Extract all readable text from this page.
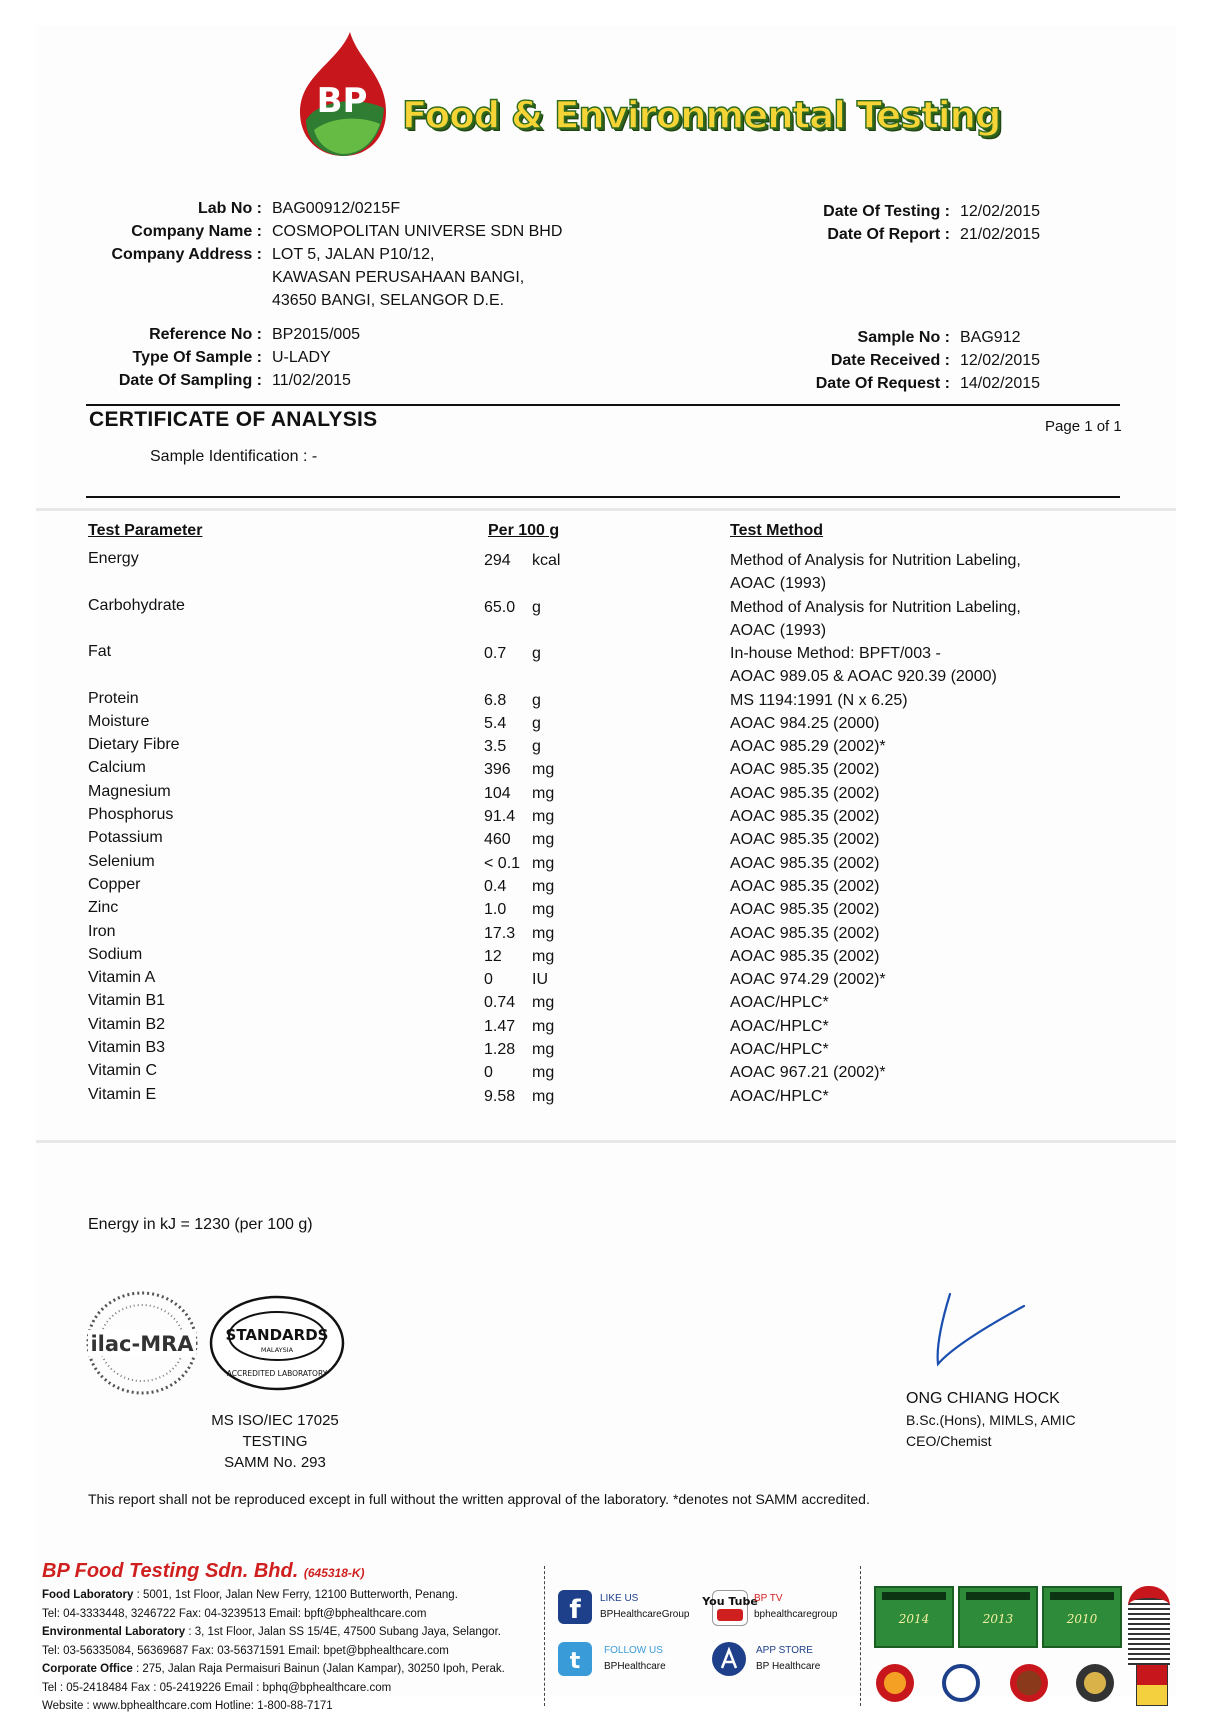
BP Food & Environmental Testing
Lab No : BAG00912/0215F
Company Name : COSMOPOLITAN UNIVERSE SDN BHD
Company Address : LOT 5, JALAN P10/12,
KAWASAN PERUSAHAAN BANGI,
43650 BANGI, SELANGOR D.E.
Reference No : BP2015/005
Type Of Sample : U-LADY
Date Of Sampling : 11/02/2015
Date Of Testing : 12/02/2015
Date Of Report : 21/02/2015
Sample No : BAG912
Date Received : 12/02/2015
Date Of Request : 14/02/2015
CERTIFICATE OF ANALYSIS	Page 1 of 1
Sample Identification : -
Test Parameter	Per 100 g	Test Method
Energy	294 kcal	Method of Analysis for Nutrition Labeling,
AOAC (1993)
Carbohydrate	65.0 g	Method of Analysis for Nutrition Labeling,
AOAC (1993)
Fat	0.7 g	In-house Method: BPFT/003 -
AOAC 989.05 & AOAC 920.39 (2000)
Protein	6.8 g	MS 1194:1991 (N x 6.25)
Moisture	5.4 g	AOAC 984.25 (2000)
Dietary Fibre	3.5 g	AOAC 985.29 (2002)*
Calcium	396 mg	AOAC 985.35 (2002)
Magnesium	104 mg	AOAC 985.35 (2002)
Phosphorus	91.4 mg	AOAC 985.35 (2002)
Potassium	460 mg	AOAC 985.35 (2002)
Selenium	< 0.1 mg	AOAC 985.35 (2002)
Copper	0.4 mg	AOAC 985.35 (2002)
Zinc	1.0 mg	AOAC 985.35 (2002)
Iron	17.3 mg	AOAC 985.35 (2002)
Sodium	12 mg	AOAC 985.35 (2002)
Vitamin A	0 IU	AOAC 974.29 (2002)*
Vitamin B1	0.74 mg	AOAC/HPLC*
Vitamin B2	1.47 mg	AOAC/HPLC*
Vitamin B3	1.28 mg	AOAC/HPLC*
Vitamin C	0 mg	AOAC 967.21 (2002)*
Vitamin E	9.58 mg	AOAC/HPLC*
Energy in kJ = 1230 (per 100 g)
ilac-MRA STANDARDS
MALAYSIA
ACCREDITED LABORATORY
MS ISO/IEC 17025
TESTING
SAMM No. 293
ONG CHIANG HOCK
B.Sc.(Hons), MIMLS, AMIC
CEO/Chemist
This report shall not be reproduced except in full without the written approval of the laboratory. *denotes not SAMM accredited.
BP Food Testing Sdn. Bhd. (645318-K)
Food Laboratory : 5001, 1st Floor, Jalan New Ferry, 12100 Butterworth, Penang.
Tel: 04-3333448, 3246722 Fax: 04-3239513 Email: bpft@bphealthcare.com
Environmental Laboratory : 3, 1st Floor, Jalan SS 15/4E, 47500 Subang Jaya, Selangor.
Tel: 03-56335084, 56369687 Fax: 03-56371591 Email: bpet@bphealthcare.com
Corporate Office : 275, Jalan Raja Permaisuri Bainun (Jalan Kampar), 30250 Ipoh, Perak.
Tel : 05-2418484 Fax : 05-2419226 Email : bphq@bphealthcare.com
Website : www.bphealthcare.com Hotline: 1-800-88-7171
f LIKE US
BPHealthcareGroup
You Tube
BP TV
bphealthcaregroup
t FOLLOW US
BPHealthcare
APP STORE
BP Healthcare
2014	2013	2010
